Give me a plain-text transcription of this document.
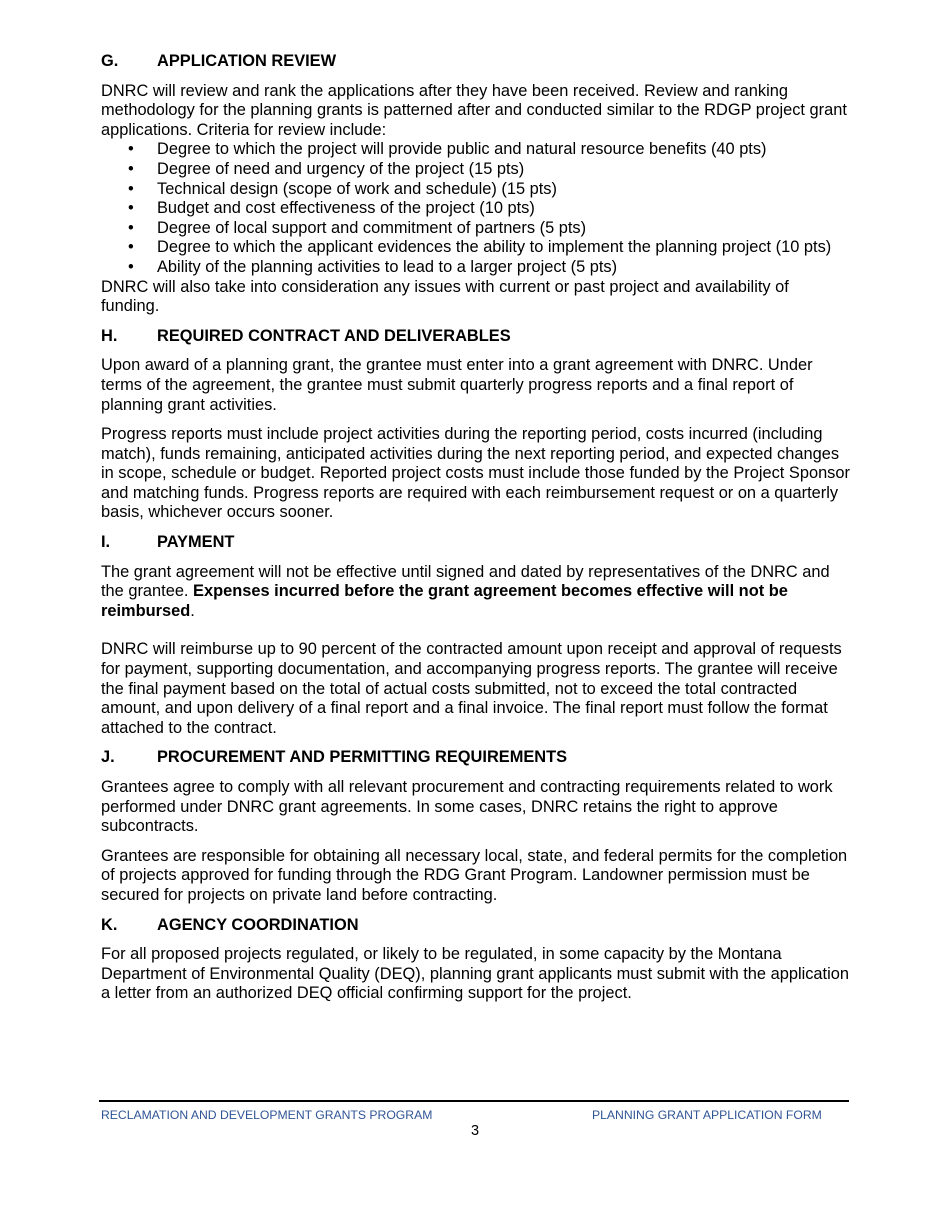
G.	APPLICATION REVIEW

DNRC will review and rank the applications after they have been received. Review and ranking methodology for the planning grants is patterned after and conducted similar to the RDGP project grant applications. Criteria for review include:

• Degree to which the project will provide public and natural resource benefits (40 pts)
• Degree of need and urgency of the project (15 pts)
• Technical design (scope of work and schedule) (15 pts)
• Budget and cost effectiveness of the project (10 pts)
• Degree of local support and commitment of partners (5 pts)
• Degree to which the applicant evidences the ability to implement the planning project (10 pts)
• Ability of the planning activities to lead to a larger project (5 pts)

DNRC will also take into consideration any issues with current or past project and availability of funding.

H.	REQUIRED CONTRACT AND DELIVERABLES

Upon award of a planning grant, the grantee must enter into a grant agreement with DNRC. Under terms of the agreement, the grantee must submit quarterly progress reports and a final report of planning grant activities.

Progress reports must include project activities during the reporting period, costs incurred (including match), funds remaining, anticipated activities during the next reporting period, and expected changes in scope, schedule or budget. Reported project costs must include those funded by the Project Sponsor and matching funds. Progress reports are required with each reimbursement request or on a quarterly basis, whichever occurs sooner.

I.	PAYMENT

The grant agreement will not be effective until signed and dated by representatives of the DNRC and the grantee. Expenses incurred before the grant agreement becomes effective will not be reimbursed.

DNRC will reimburse up to 90 percent of the contracted amount upon receipt and approval of requests for payment, supporting documentation, and accompanying progress reports. The grantee will receive the final payment based on the total of actual costs submitted, not to exceed the total contracted amount, and upon delivery of a final report and a final invoice. The final report must follow the format attached to the contract.

J.	PROCUREMENT AND PERMITTING REQUIREMENTS

Grantees agree to comply with all relevant procurement and contracting requirements related to work performed under DNRC grant agreements. In some cases, DNRC retains the right to approve subcontracts.

Grantees are responsible for obtaining all necessary local, state, and federal permits for the completion of projects approved for funding through the RDG Grant Program. Landowner permission must be secured for projects on private land before contracting.

K.	AGENCY COORDINATION

For all proposed projects regulated, or likely to be regulated, in some capacity by the Montana Department of Environmental Quality (DEQ), planning grant applicants must submit with the application a letter from an authorized DEQ official confirming support for the project.

RECLAMATION AND DEVELOPMENT GRANTS PROGRAM	PLANNING GRANT APPLICATION FORM
3
